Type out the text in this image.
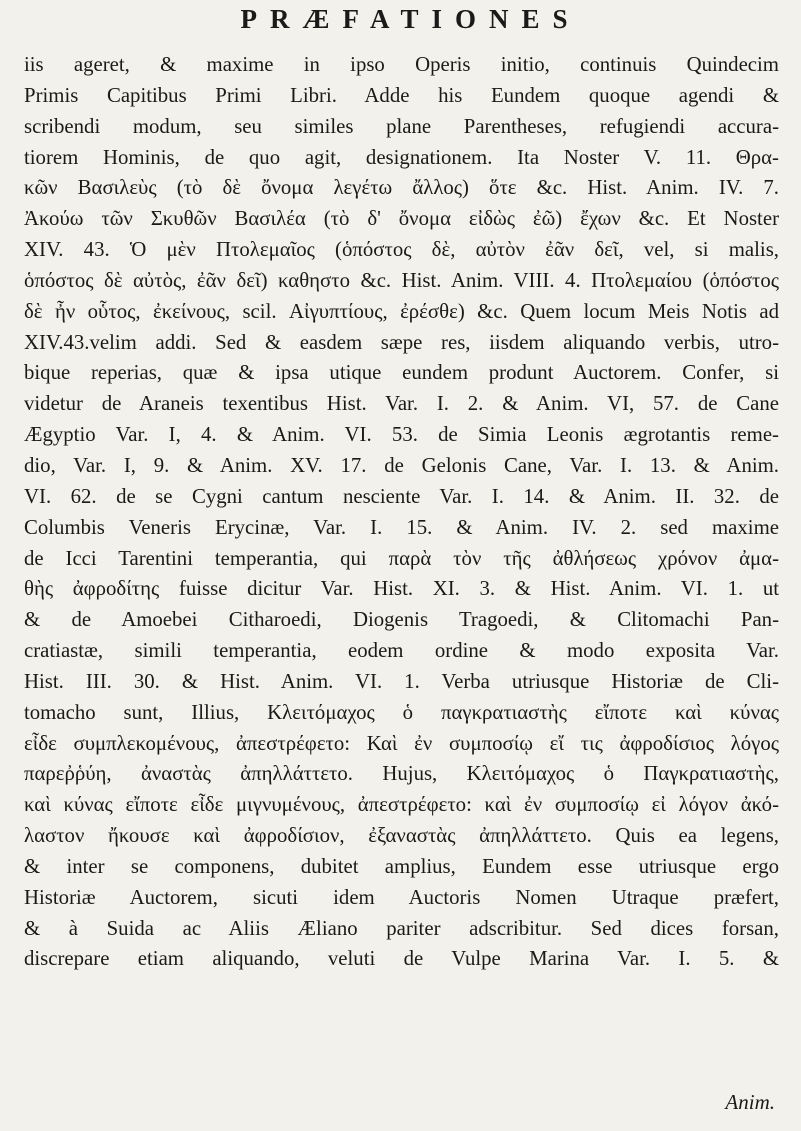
PRÆFATIONES
iis ageret, & maxime in ipso Operis initio, continuis Quindecim
Primis Capitibus Primi Libri. Adde his Eundem quoque agendi &
scribendi modum, seu similes plane Parentheses, refugiendi accura-
tiorem Hominis, de quo agit, designationem. Ita Noster V. 11. Θρα-
κῶν Βασιλεὺς (τὸ δὲ ὄνομα λεγέτω ἄλλος) ὅτε &c. Hist. Anim. IV. 7.
Ἀκούω τῶν Σκυθῶν Βασιλέα (τὸ δ' ὄνομα εἰδὼς ἐῶ) ἔχων &c. Et Noster
XIV. 43. Ὁ μὲν Πτολεμαῖος (ὁπόστος δὲ, αὐτὸν ἐᾶν δεῖ, vel, si malis,
ὁπόστος δὲ αὐτὸς, ἐᾶν δεῖ) καθηστο &c. Hist. Anim. VIII. 4. Πτολεμαίου (ὁπόστος
δὲ ἦν οὗτος, ἐκείνους, scil. Αἰγυπτίους, ἐρέσθε) &c. Quem locum Meis Notis ad
XIV.43.velim addi. Sed & easdem sæpe res, iisdem aliquando verbis, utro-
bique reperias, quæ & ipsa utique eundem produnt Auctorem. Confer, si
videtur de Araneis texentibus Hist. Var. I. 2. & Anim. VI, 57. de Cane
Ægyptio Var. I, 4. & Anim. VI. 53. de Simia Leonis ægrotantis reme-
dio, Var. I, 9. & Anim. XV. 17. de Gelonis Cane, Var. I. 13. & Anim.
VI. 62. de se Cygni cantum nesciente Var. I. 14. & Anim. II. 32. de
Columbis Veneris Erycinæ, Var. I. 15. & Anim. IV. 2. sed maxime
de Icci Tarentini temperantia, qui παρὰ τὸν τῆς ἀθλήσεως χρόνον ἀμα-
θὴς ἀφροδίτης fuisse dicitur Var. Hist. XI. 3. & Hist. Anim. VI. 1. ut
& de Amoebei Citharoedi, Diogenis Tragoedi, & Clitomachi Pan-
cratiastæ, simili temperantia, eodem ordine & modo exposita Var.
Hist. III. 30. & Hist. Anim. VI. 1. Verba utriusque Historiæ de Cli-
tomacho sunt, Illius, Κλειτόμαχος ὁ παγκρατιαστὴς εἴποτε καὶ κύνας
εἶδε συμπλεκομένους, ἀπεστρέφετο: Καὶ ἐν συμποσίῳ εἴ τις ἀφροδίσιος λόγος
παρεῤῥύη, ἀναστὰς ἀπηλλάττετο. Hujus, Κλειτόμαχος ὁ Παγκρατιαστὴς,
καὶ κύνας εἴποτε εἶδε μιγνυμένους, ἀπεστρέφετο: καὶ ἐν συμποσίῳ εἰ λόγον ἀκό-
λαστον ἤκουσε καὶ ἀφροδίσιον, ἐξαναστὰς ἀπηλλάττετο. Quis ea legens,
& inter se componens, dubitet amplius, Eundem esse utriusque ergo
Historiæ Auctorem, sicuti idem Auctoris Nomen Utraque præfert,
& à Suida ac Aliis Æliano pariter adscribitur. Sed dices forsan,
discrepare etiam aliquando, veluti de Vulpe Marina Var. I. 5. &
Anim.
